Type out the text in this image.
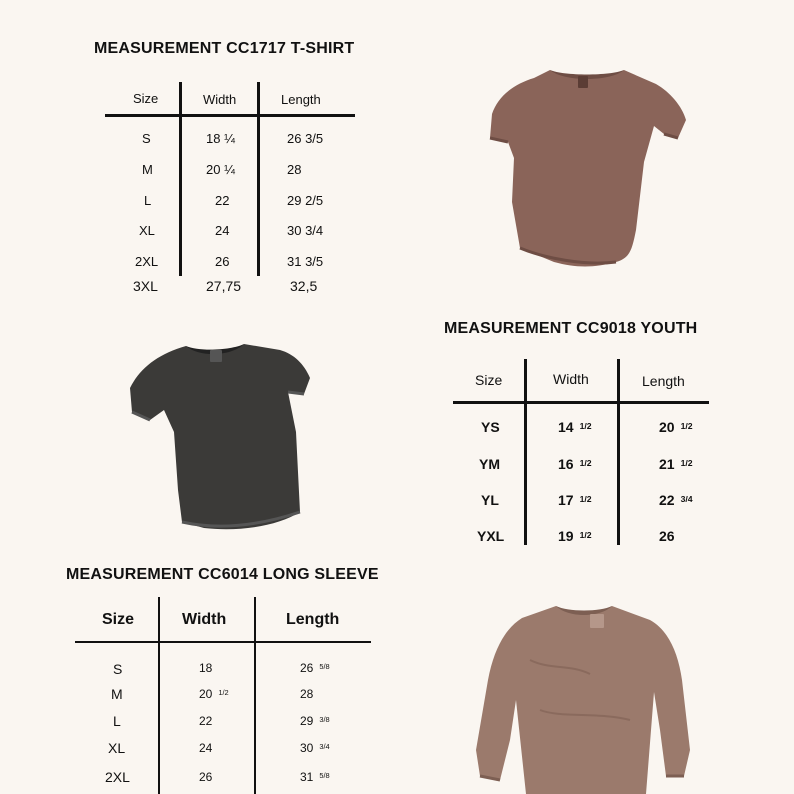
MEASUREMENT CC1717 T-SHIRT
Size	Width	Length
S	18 ¼	26 3/5
M	20 ¼	28
L	22	29 2/5
XL	24	30 3/4
2XL	26	31 3/5
3XL	27,75	32,5
MEASUREMENT CC9018 YOUTH
Size	Width	Length
YS	14 $^{1/2}$	20 $^{1/2}$
YM	16 $^{1/2}$	21 $^{1/2}$
YL	17 $^{1/2}$	22 $^{3/4}$
YXL	19 $^{1/2}$	26
MEASUREMENT CC6014 LONG SLEEVE
Size	Width	Length
S	18	26 $^{5/8}$
M	20 $^{1/2}$	28
L	22	29 $^{3/8}$
XL	24	30 $^{3/4}$
2XL	26	31 $^{5/8}$
